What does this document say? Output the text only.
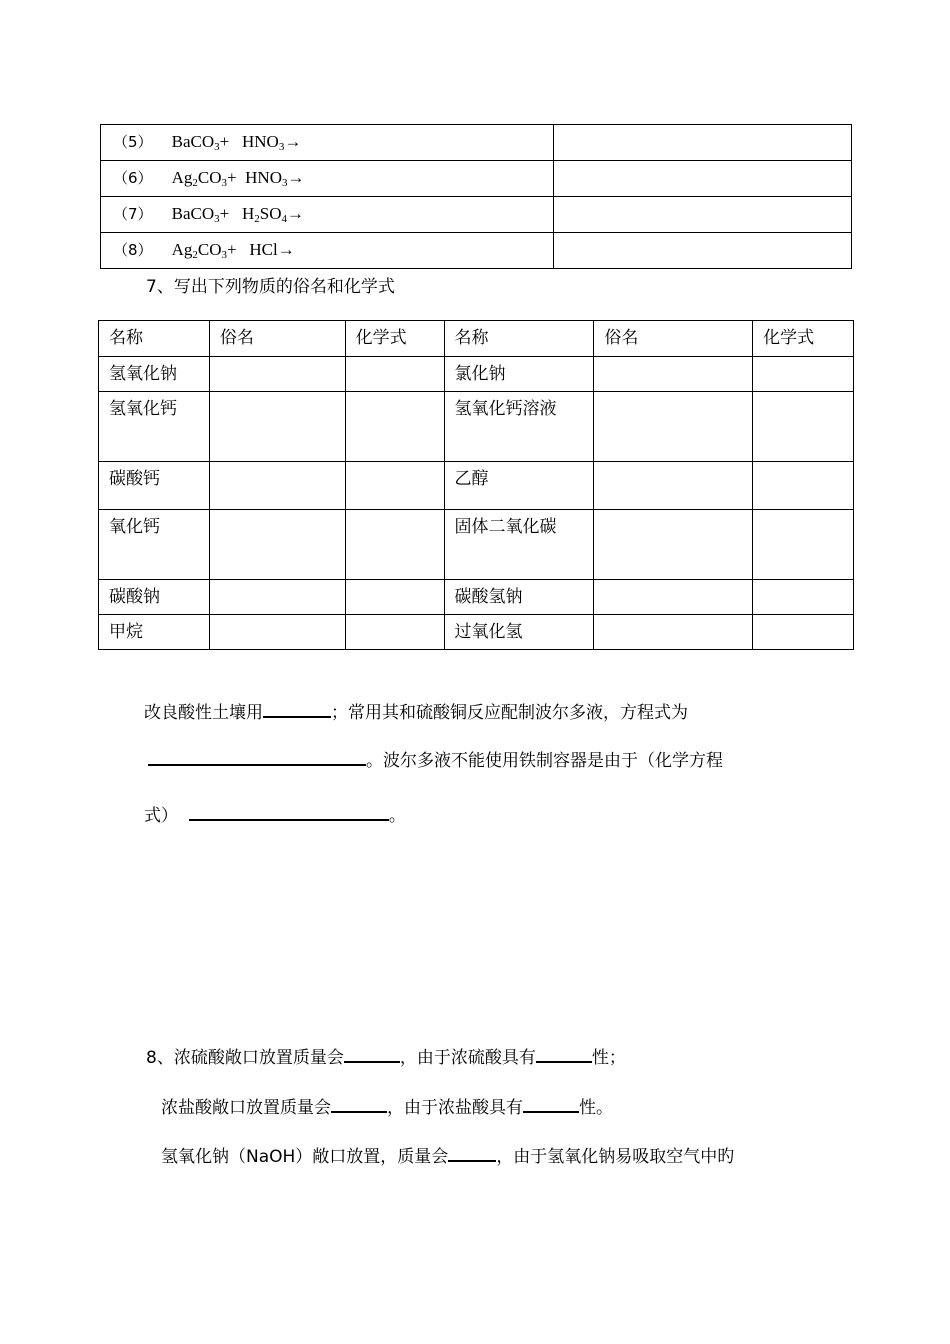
（5） BaCO$_3$+ $HNO_3\to$	

（6） $Ag_2CO_3+ HNO_3\to$	

（7） BaCO$_3$+ $H_2SO_4\to$	

（8） $Ag_2CO_3+ HCl\to$	

7、写出下列物质的俗名和化学式
名称	俗名	化学式	名称	俗名	化学式

氢氧化钠			氯化钠		

氢氧化钙			氢氧化钙溶液		

碳酸钙			乙醇		

氧化钙			固体二氧化碳		

碳酸钠			碳酸氢钠		

甲烷			过氧化氢		

改良酸性土壤用	；常用其和硫酸铜反应配制波尔多液，方程式为
。波尔多液不能使用铁制容器是由于（化学方程
式）	。
8、浓硫酸敞口放置质量会	，由于浓硫酸具有	性；
浓盐酸敞口放置质量会	，由于浓盐酸具有	性。
氢氧化钠（NaOH）敞口放置，质量会	，由于氢氧化钠易吸取空气中旳
